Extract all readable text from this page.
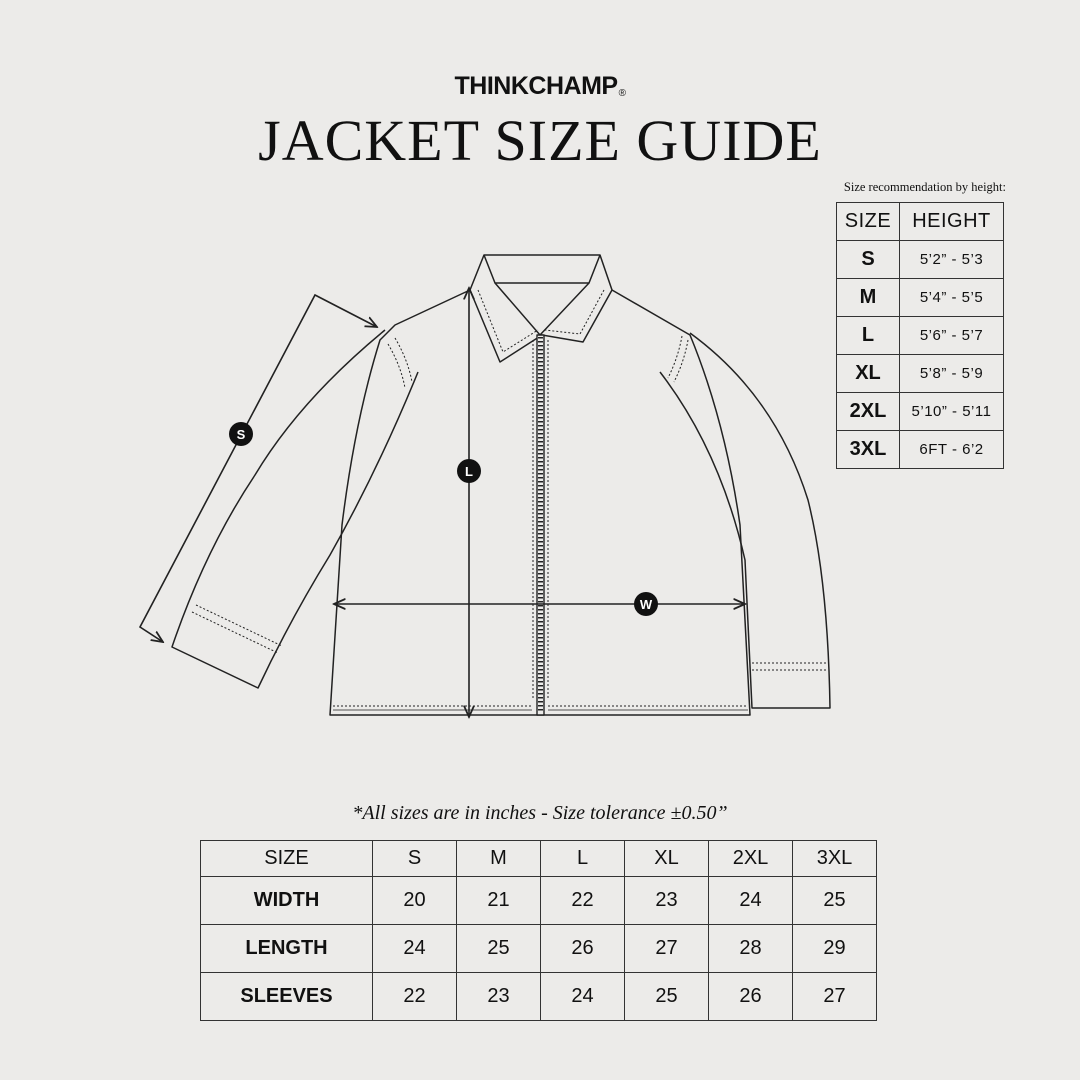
THINKCHAMP®
JACKET SIZE GUIDE
Size recommendation by height:
SIZE	HEIGHT
S	5’2” - 5’3
M	5’4” - 5’5
L	5’6” - 5’7
XL	5’8” - 5’9
2XL	5’10” - 5’11
3XL	6FT - 6’2
S
L
W
*All sizes are in inches - Size tolerance ±0.50”
SIZE	S	M	L	XL	2XL	3XL
WIDTH	20	21	22	23	24	25
LENGTH	24	25	26	27	28	29
SLEEVES	22	23	24	25	26	27
